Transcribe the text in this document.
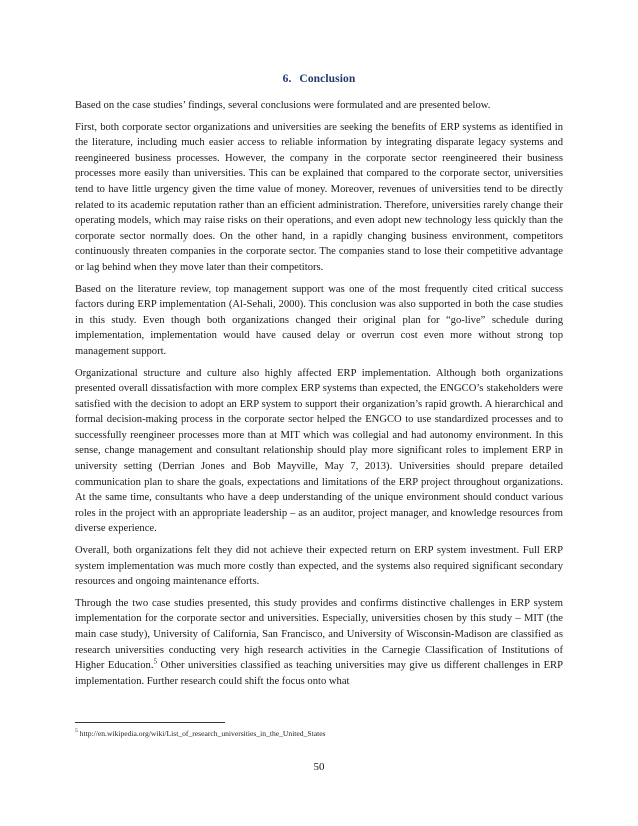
6. Conclusion

Based on the case studies’ findings, several conclusions were formulated and are presented below.

First, both corporate sector organizations and universities are seeking the benefits of ERP systems as identified in the literature, including much easier access to reliable information by integrating disparate legacy systems and reengineered business processes. However, the company in the corporate sector reengineered their business processes more easily than universities. This can be explained that compared to the corporate sector, universities tend to have little urgency given the time value of money. Moreover, revenues of universities tend to be directly related to its academic reputation rather than an efficient administration. Therefore, universities rarely change their operating models, which may raise risks on their operations, and even adopt new technology less quickly than the corporate sector normally does. On the other hand, in a rapidly changing business environment, competitors continuously threaten companies in the corporate sector. The companies stand to lose their competitive advantage or lag behind when they move later than their competitors.

Based on the literature review, top management support was one of the most frequently cited critical success factors during ERP implementation (Al-Sehali, 2000). This conclusion was also supported in both the case studies in this study. Even though both organizations changed their original plan for “go-live” schedule during implementation, implementation would have caused delay or overrun cost even more without strong top management support.

Organizational structure and culture also highly affected ERP implementation. Although both organizations presented overall dissatisfaction with more complex ERP systems than expected, the ENGCO’s stakeholders were satisfied with the decision to adopt an ERP system to support their organization’s rapid growth. A hierarchical and formal decision-making process in the corporate sector helped the ENGCO to use standardized processes and to successfully reengineer processes more than at MIT which was collegial and had autonomy environment. In this sense, change management and consultant relationship should play more significant roles to implement ERP in university setting (Derrian Jones and Bob Mayville, May 7, 2013). Universities should prepare detailed communication plan to share the goals, expectations and limitations of the ERP project throughout organizations. At the same time, consultants who have a deep understanding of the unique environment should conduct various roles in the project with an appropriate leadership – as an auditor, project manager, and knowledge resources from diverse experience.

Overall, both organizations felt they did not achieve their expected return on ERP system investment. Full ERP system implementation was much more costly than expected, and the systems also required significant secondary resources and ongoing maintenance efforts.

Through the two case studies presented, this study provides and confirms distinctive challenges in ERP system implementation for the corporate sector and universities. Especially, universities chosen by this study – MIT (the main case study), University of California, San Francisco, and University of Wisconsin-Madison are classified as research universities conducting very high research activities in the Carnegie Classification of Institutions of Higher Education.$^5$ Other universities classified as teaching universities may give us different challenges in ERP implementation. Further research could shift the focus onto what

$^5$ http://en.wikipedia.org/wiki/List_of_research_universities_in_the_United_States
50
